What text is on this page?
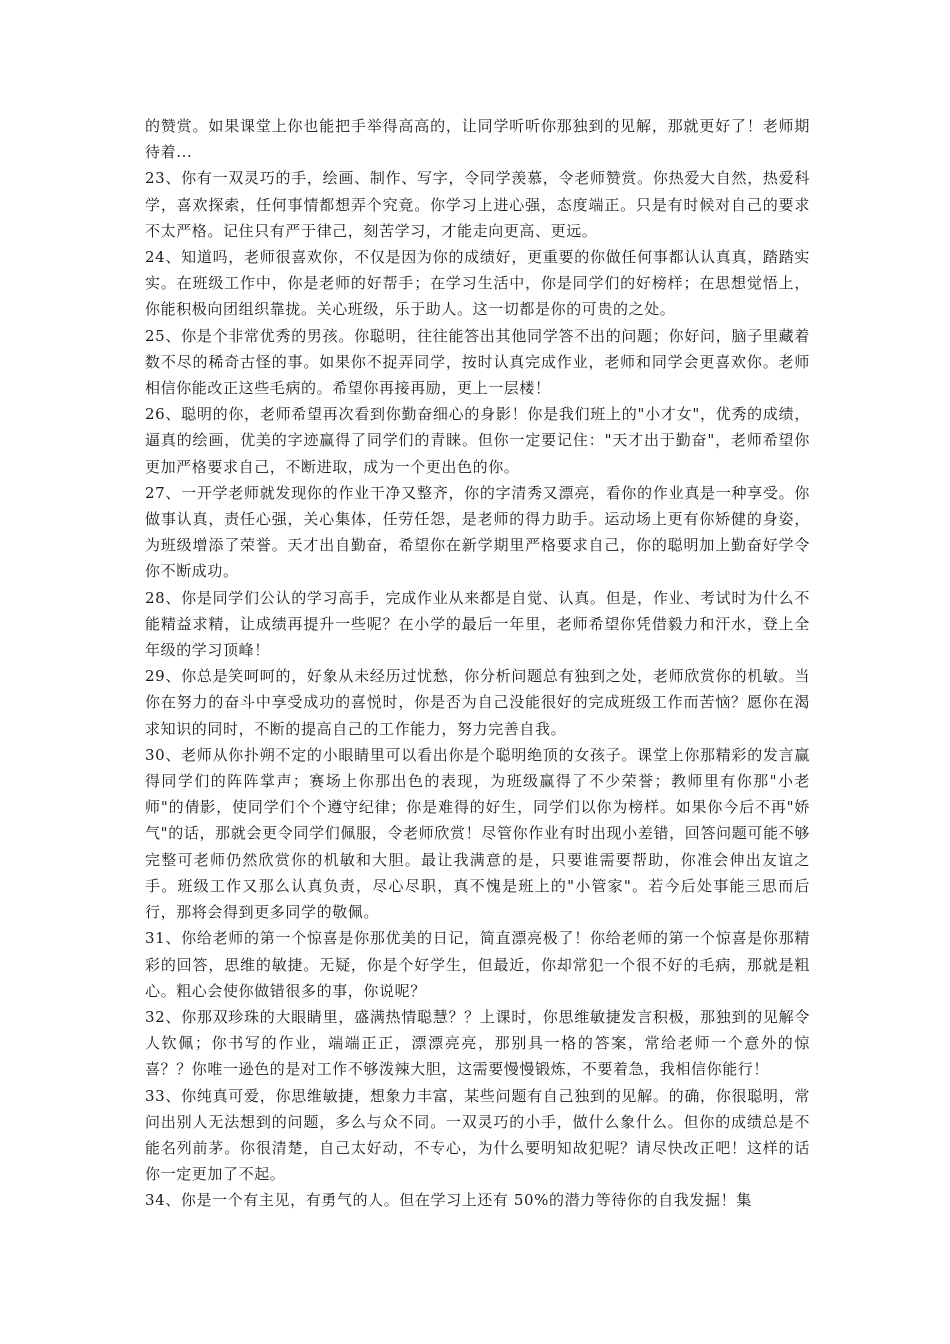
的赞赏。如果课堂上你也能把手举得高高的，让同学听听你那独到的见解，那就更好了！老师期待着...

23、你有一双灵巧的手，绘画、制作、写字，令同学羡慕，令老师赞赏。你热爱大自然，热爱科学，喜欢探索，任何事情都想弄个究竟。你学习上进心强，态度端正。只是有时候对自己的要求不太严格。记住只有严于律己，刻苦学习，才能走向更高、更远。

24、知道吗，老师很喜欢你，不仅是因为你的成绩好，更重要的你做任何事都认认真真，踏踏实实。在班级工作中，你是老师的好帮手；在学习生活中，你是同学们的好榜样；在思想觉悟上，你能积极向团组织靠拢。关心班级，乐于助人。这一切都是你的可贵的之处。

25、你是个非常优秀的男孩。你聪明，往往能答出其他同学答不出的问题；你好问，脑子里藏着数不尽的稀奇古怪的事。如果你不捉弄同学，按时认真完成作业，老师和同学会更喜欢你。老师相信你能改正这些毛病的。希望你再接再励，更上一层楼！

26、聪明的你，老师希望再次看到你勤奋细心的身影！你是我们班上的"小才女"，优秀的成绩，逼真的绘画，优美的字迹赢得了同学们的青睐。但你一定要记住："天才出于勤奋"，老师希望你更加严格要求自己，不断进取，成为一个更出色的你。

27、一开学老师就发现你的作业干净又整齐，你的字清秀又漂亮，看你的作业真是一种享受。你做事认真，责任心强，关心集体，任劳任怨，是老师的得力助手。运动场上更有你矫健的身姿，为班级增添了荣誉。天才出自勤奋，希望你在新学期里严格要求自己，你的聪明加上勤奋好学令你不断成功。

28、你是同学们公认的学习高手，完成作业从来都是自觉、认真。但是，作业、考试时为什么不能精益求精，让成绩再提升一些呢？在小学的最后一年里，老师希望你凭借毅力和汗水，登上全年级的学习顶峰！

29、你总是笑呵呵的，好象从未经历过忧愁，你分析问题总有独到之处，老师欣赏你的机敏。当你在努力的奋斗中享受成功的喜悦时，你是否为自己没能很好的完成班级工作而苦恼？愿你在渴求知识的同时，不断的提高自己的工作能力，努力完善自我。

30、老师从你扑朔不定的小眼睛里可以看出你是个聪明绝顶的女孩子。课堂上你那精彩的发言赢得同学们的阵阵掌声；赛场上你那出色的表现，为班级赢得了不少荣誉；教师里有你那"小老师"的倩影，使同学们个个遵守纪律；你是难得的好生，同学们以你为榜样。如果你今后不再"娇气"的话，那就会更令同学们佩服，令老师欣赏！尽管你作业有时出现小差错，回答问题可能不够完整可老师仍然欣赏你的机敏和大胆。最让我满意的是，只要谁需要帮助，你准会伸出友谊之手。班级工作又那么认真负责，尽心尽职，真不愧是班上的"小管家"。若今后处事能三思而后行，那将会得到更多同学的敬佩。

31、你给老师的第一个惊喜是你那优美的日记，简直漂亮极了！你给老师的第一个惊喜是你那精彩的回答，思维的敏捷。无疑，你是个好学生，但最近，你却常犯一个很不好的毛病，那就是粗心。粗心会使你做错很多的事，你说呢？

32、你那双珍珠的大眼睛里，盛满热情聪慧？？上课时，你思维敏捷发言积极，那独到的见解令人钦佩；你书写的作业，端端正正，漂漂亮亮，那别具一格的答案，常给老师一个意外的惊喜？？你唯一逊色的是对工作不够泼辣大胆，这需要慢慢锻炼，不要着急，我相信你能行！

33、你纯真可爱，你思维敏捷，想象力丰富，某些问题有自己独到的见解。的确，你很聪明，常问出别人无法想到的问题，多么与众不同。一双灵巧的小手，做什么象什么。但你的成绩总是不能名列前茅。你很清楚，自己太好动，不专心，为什么要明知故犯呢？请尽快改正吧！这样的话你一定更加了不起。

34、你是一个有主见，有勇气的人。但在学习上还有 50%的潜力等待你的自我发掘！集
